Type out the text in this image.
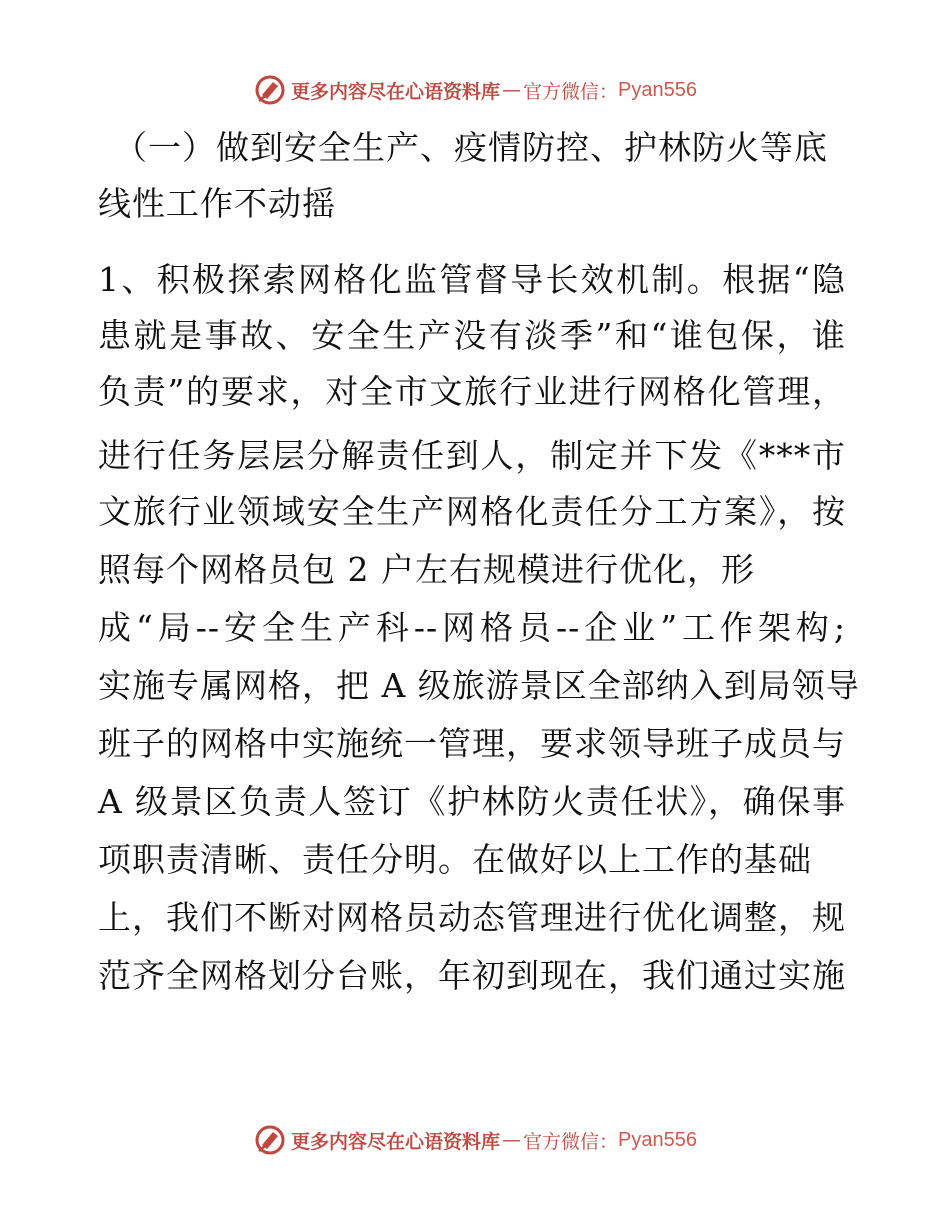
更多内容尽在心语资料库 — 官方微信： Pyan556
（一）做到安全生产、疫情防控、护林防火等底
线性工作不动摇
1、积极探索网格化监管督导长效机制。根据“隐
患就是事故、安全生产没有淡季”和“谁包保，谁
负责”的要求，对全市文旅行业进行网格化管理，
进行任务层层分解责任到人，制定并下发《***市
文旅行业领域安全生产网格化责任分工方案》，按
照每个网格员包 2 户左右规模进行优化，形
成“局--安全生产科--网格员--企业”工作架构;
实施专属网格，把 A 级旅游景区全部纳入到局领导
班子的网格中实施统一管理，要求领导班子成员与
A 级景区负责人签订《护林防火责任状》，确保事
项职责清晰、责任分明。在做好以上工作的基础
上，我们不断对网格员动态管理进行优化调整，规
范齐全网格划分台账，年初到现在，我们通过实施
更多内容尽在心语资料库 — 官方微信： Pyan556
